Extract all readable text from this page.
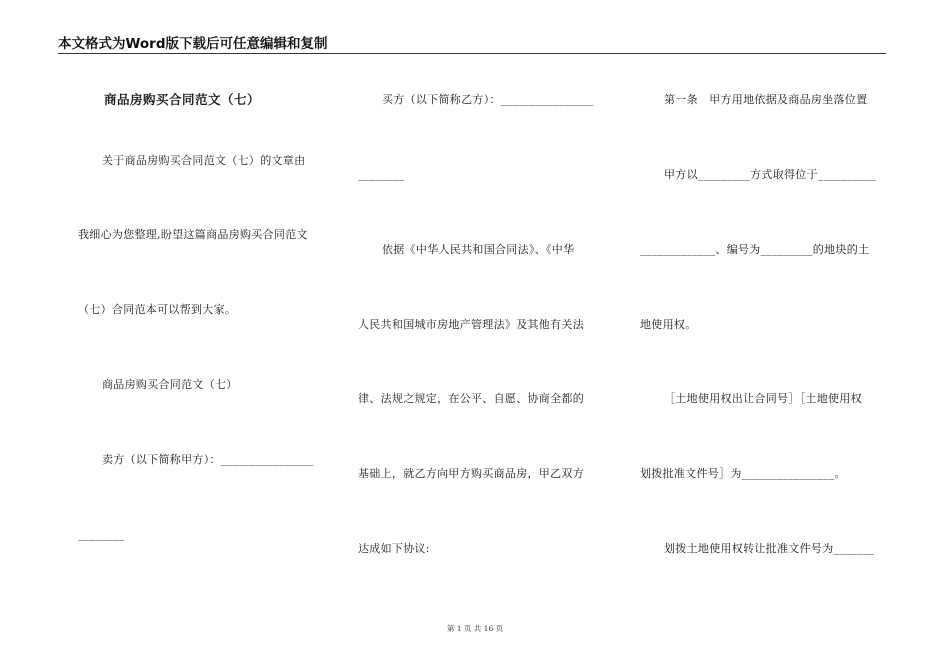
本文格式为Word版下载后可任意编辑和复制
商品房购买合同范文（七）
关于商品房购买合同范文（七）的文章由
我细心为您整理,盼望这篇商品房购买合同范文
（七）合同范本可以帮到大家。
商品房购买合同范文（七）
卖方（以下简称甲方）：________________
________
买方（以下简称乙方）：________________
________
依据《中华人民共和国合同法》、《中华
人民共和国城市房地产管理法》及其他有关法
律、法规之规定，在公平、自愿、协商全都的
基础上，就乙方向甲方购买商品房，甲乙双方
达成如下协议:
第一条　甲方用地依据及商品房坐落位置
甲方以_________方式取得位于__________
_____________、编号为_________的地块的土
地使用权。
［土地使用权出让合同号］［土地使用权
划拨批准文件号］为________________。
划拨土地使用权转让批准文件号为_______
第 1 页 共 16 页
